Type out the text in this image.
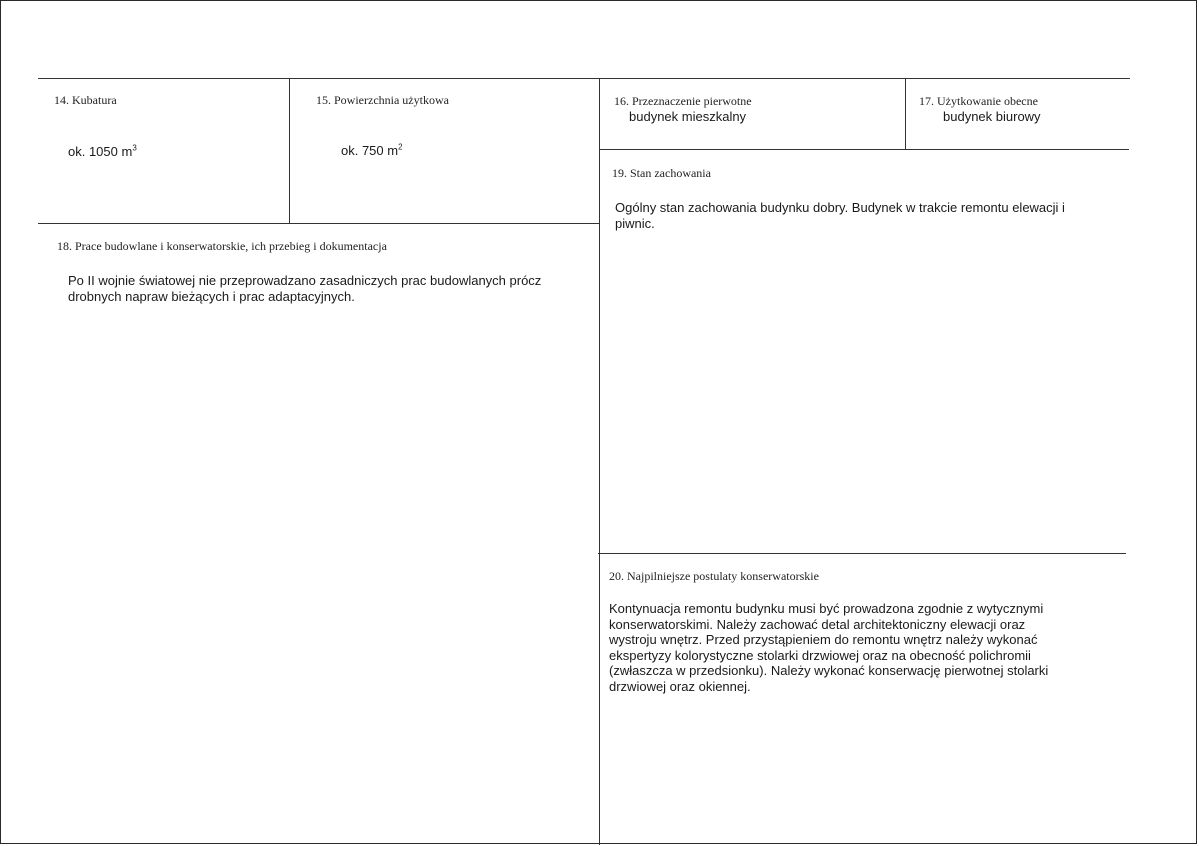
14. Kubatura
ok. 1050 $m^3$
15. Powierzchnia użytkowa
ok. 750 $m^2$
16. Przeznaczenie pierwotne
budynek mieszkalny
17. Użytkowanie obecne
budynek biurowy
19. Stan zachowania
Ogólny stan zachowania budynku dobry. Budynek w trakcie remontu elewacji i
piwnic.
18. Prace budowlane i konserwatorskie, ich przebieg i dokumentacja
Po II wojnie światowej nie przeprowadzano zasadniczych prac budowlanych prócz
drobnych napraw bieżących i prac adaptacyjnych.
20. Najpilniejsze postulaty konserwatorskie
Kontynuacja remontu budynku musi być prowadzona zgodnie z wytycznymi
konserwatorskimi. Należy zachować detal architektoniczny elewacji oraz
wystroju wnętrz. Przed przystąpieniem do remontu wnętrz należy wykonać
ekspertyzy kolorystyczne stolarki drzwiowej oraz na obecność polichromii
(zwłaszcza w przedsionku). Należy wykonać konserwację pierwotnej stolarki
drzwiowej oraz okiennej.
